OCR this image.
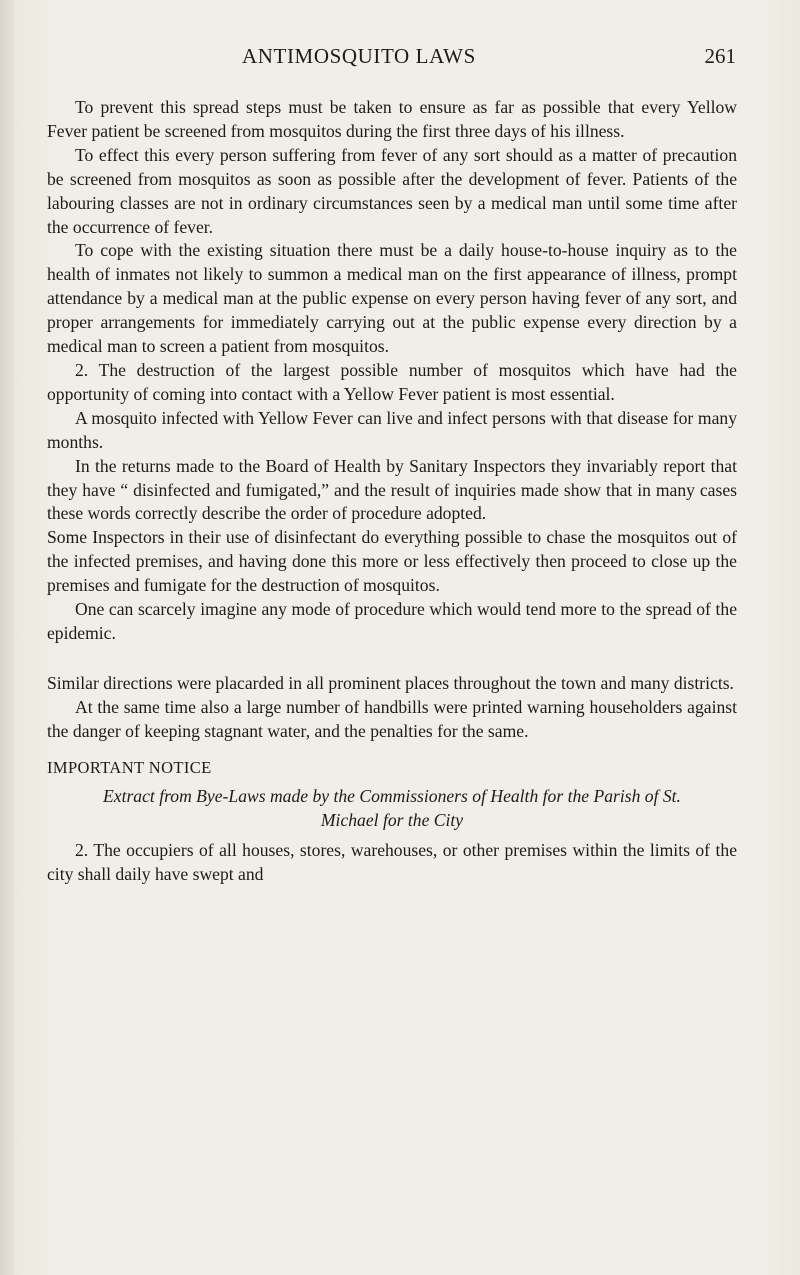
ANTIMOSQUITO LAWS	261

To prevent this spread steps must be taken to ensure as far as possible that every Yellow Fever patient be screened from mosquitos during the first three days of his illness.

To effect this every person suffering from fever of any sort should as a matter of precaution be screened from mosquitos as soon as possible after the development of fever. Patients of the labouring classes are not in ordinary circumstances seen by a medical man until some time after the occurrence of fever.

To cope with the existing situation there must be a daily house-to-house inquiry as to the health of inmates not likely to summon a medical man on the first appearance of illness, prompt attendance by a medical man at the public expense on every person having fever of any sort, and proper arrangements for immediately carrying out at the public expense every direction by a medical man to screen a patient from mosquitos.

2. The destruction of the largest possible number of mosquitos which have had the opportunity of coming into contact with a Yellow Fever patient is most essential.

A mosquito infected with Yellow Fever can live and infect persons with that disease for many months.

In the returns made to the Board of Health by Sanitary Inspectors they invariably report that they have “ disinfected and fumigated,” and the result of inquiries made show that in many cases these words correctly describe the order of procedure adopted.

Some Inspectors in their use of disinfectant do everything possible to chase the mosquitos out of the infected premises, and having done this more or less effectively then proceed to close up the premises and fumigate for the destruction of mosquitos.

One can scarcely imagine any mode of procedure which would tend more to the spread of the epidemic.

Similar directions were placarded in all prominent places throughout the town and many districts.

At the same time also a large number of handbills were printed warning householders against the danger of keeping stagnant water, and the penalties for the same.

IMPORTANT NOTICE

Extract from Bye-Laws made by the Commissioners of Health for the Parish of St. Michael for the City

2. The occupiers of all houses, stores, warehouses, or other premises within the limits of the city shall daily have swept and
